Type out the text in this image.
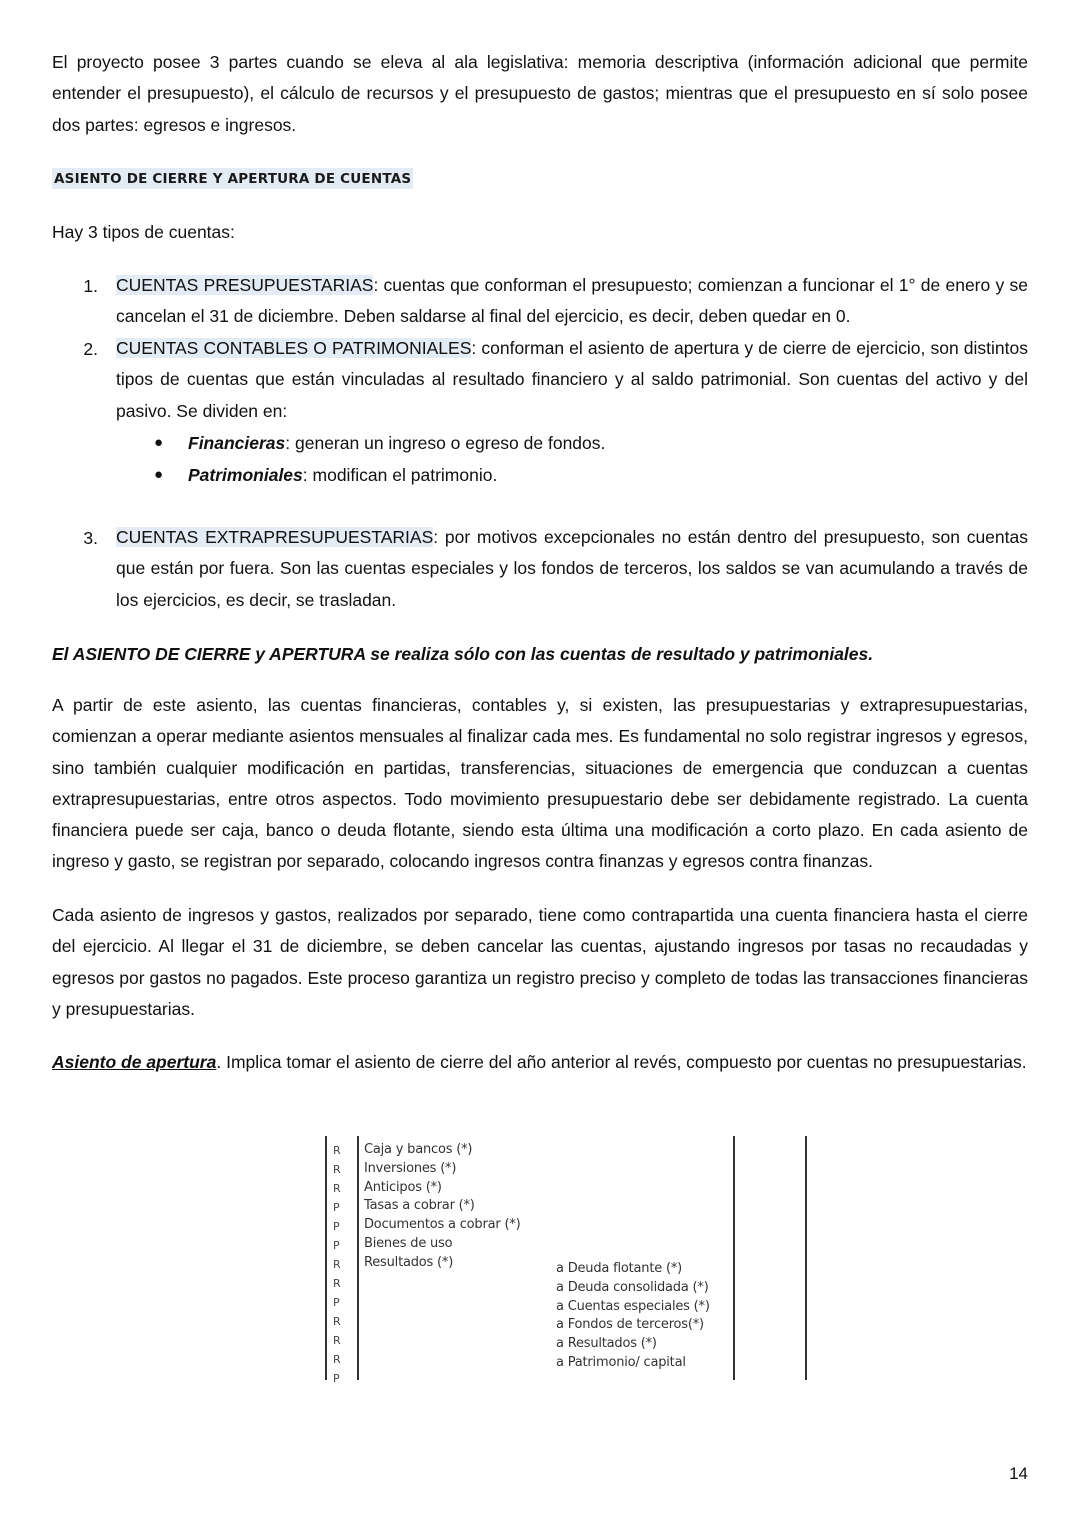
El proyecto posee 3 partes cuando se eleva al ala legislativa: memoria descriptiva (información adicional que permite entender el presupuesto), el cálculo de recursos y el presupuesto de gastos; mientras que el presupuesto en sí solo posee dos partes: egresos e ingresos.

ASIENTO DE CIERRE Y APERTURA DE CUENTAS

Hay 3 tipos de cuentas:

1. CUENTAS PRESUPUESTARIAS: cuentas que conforman el presupuesto; comienzan a funcionar el 1° de enero y se cancelan el 31 de diciembre. Deben saldarse al final del ejercicio, es decir, deben quedar en 0.

2. CUENTAS CONTABLES O PATRIMONIALES: conforman el asiento de apertura y de cierre de ejercicio, son distintos tipos de cuentas que están vinculadas al resultado financiero y al saldo patrimonial. Son cuentas del activo y del pasivo. Se dividen en:

● Financieras: generan un ingreso o egreso de fondos.

● Patrimoniales: modifican el patrimonio.

3. CUENTAS EXTRAPRESUPUESTARIAS: por motivos excepcionales no están dentro del presupuesto, son cuentas que están por fuera. Son las cuentas especiales y los fondos de terceros, los saldos se van acumulando a través de los ejercicios, es decir, se trasladan.

El ASIENTO DE CIERRE y APERTURA se realiza sólo con las cuentas de resultado y patrimoniales.

A partir de este asiento, las cuentas financieras, contables y, si existen, las presupuestarias y extrapresupuestarias, comienzan a operar mediante asientos mensuales al finalizar cada mes. Es fundamental no solo registrar ingresos y egresos, sino también cualquier modificación en partidas, transferencias, situaciones de emergencia que conduzcan a cuentas extrapresupuestarias, entre otros aspectos. Todo movimiento presupuestario debe ser debidamente registrado. La cuenta financiera puede ser caja, banco o deuda flotante, siendo esta última una modificación a corto plazo. En cada asiento de ingreso y gasto, se registran por separado, colocando ingresos contra finanzas y egresos contra finanzas.

Cada asiento de ingresos y gastos, realizados por separado, tiene como contrapartida una cuenta financiera hasta el cierre del ejercicio. Al llegar el 31 de diciembre, se deben cancelar las cuentas, ajustando ingresos por tasas no recaudadas y egresos por gastos no pagados. Este proceso garantiza un registro preciso y completo de todas las transacciones financieras y presupuestarias.

Asiento de apertura. Implica tomar el asiento de cierre del año anterior al revés, compuesto por cuentas no presupuestarias.

R
R
R
P
P
P
R
R
P
R
R
R
P
Caja y bancos (*)
Inversiones (*)
Anticipos (*)
Tasas a cobrar (*)
Documentos a cobrar (*)
Bienes de uso
Resultados (*)	a Deuda flotante (*)
a Deuda consolidada (*)
a Cuentas especiales (*)
a Fondos de terceros(*)
a Resultados (*)
a Patrimonio/ capital
14
